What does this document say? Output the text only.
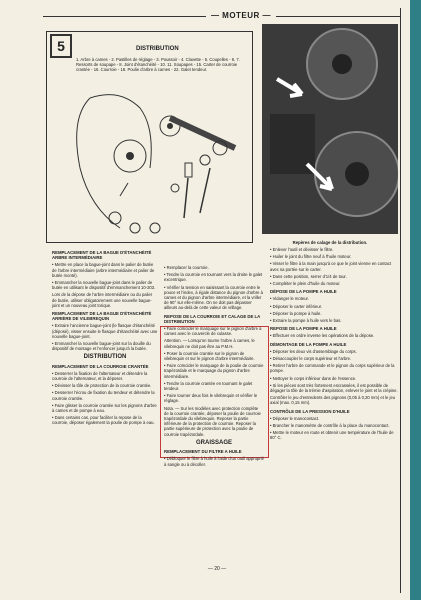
— MOTEUR —
5	DISTRIBUTION
1. Arbre à cames - 2. Pastilles de réglage - 3. Poussoir - 4. Clavette - 5. Coupelles - 6. 7. Ressorts de soupape - 8. Joint d'étanchéité - 10. 11. Soupapes - 15. Carter de courroie crantée - 16. Courroie - 18. Poulie d'arbre à cames - 22. Galet tendeur.
Repères de calage de la distribution.
REMPLACEMENT DE LA BAGUE D'ÉTANCHÉITÉ ARBRE INTERMÉDIAIRE

• Mettre en place la bague-joint dans le palier de butée de l'arbre intermédiaire (arbre intermédiaire et palier de butée monté).

• Emmancher la nouvelle bague-joint dans le palier de butée en utilisant le dispositif d'emmanchement 10-203.

Lors de la dépose de l'arbre intermédiaire ou du palier de butée, utiliser obligatoirement une nouvelle bague-joint et un nouveau joint torique.

REMPLACEMENT DE LA BAGUE D'ÉTANCHÉITÉ ARRIÈRE DE VILEBREQUIN

• Extraire l'ancienne bague-joint (le flasque d'étanchéité (déposé), visser ensuite le flasque d'étanchéité avec une nouvelle bague-joint.

• Emmancher la nouvelle bague-joint sur la douille du dispositif de montage et l'enfoncer jusqu'à la butée.

DISTRIBUTION
REMPLACEMENT DE LA COURROIE CRANTÉE

• Desserrer la fixation de l'alternateur et détendre la courroie de l'alternateur, et la déposer.

• Dévisser la tôle de protection de la courroie crantée.

• Desserrer l'écrou de fixation du tendeur et détendre la courroie crantée.

• Faire glisser la courroie crantée sur les pignons d'arbre à cames et de pompe à eau.

• Dans certains cas, pour faciliter la repose de la courroie, déposer également la poulie de pompe à eau.

• Remplacer la courroie.

• Tendre la courroie en tournant vers la droite le galet excentrique.

• Vérifier la tension en saisissant la courroie entre le pouce et l'index, à égale distance du pignon d'arbre à cames et du pignon d'arbre intermédiaire, et la vriller de 90° sur elle-même. On ne doit pas dépasser ailleurs au-delà de cette valeur de vrillage.

REPOSE DE LA COURROIE ET CALAGE DE LA DISTRIBUTION

• Faire coïncider le marquage sur le pignon d'arbre à cames avec le couvercle de culasse.

Attention. — Lorsqu'on tourne l'arbre à cames, le vilebrequin ne doit pas être au P.M.H.

• Poser la courroie crantée sur le pignon de vilebrequin et sur le pignon d'arbre intermédiaire.

• Faire coïncider le marquage de la poulie de courroie trapézoïdale et le marquage du pignon d'arbre intermédiaire.

• Tendre la courroie crantée en tournant le galet tendeur.

• Faire tourner deux fois le vilebrequin et vérifier le réglage.

Nota. — Sur les modèles avec protection complète de la courroie crantée, déposer la poulie de courroie trapézoïdale du vilebrequin. Reposer la partie inférieure de la protection de courroie. Reposer la partie supérieure de protection avec la poulie de courroie trapézoïdale.

GRAISSAGE
REMPLACEMENT DU FILTRE A HUILE

• Débloquer le filtre à huile à l'aide d'un outil approprié à sangle ou à décoller.

• Enlever l'outil et dévisser le filtre.

• Huiler le joint du filtre neuf à l'huile moteur.

• Visser le filtre à la main jusqu'à ce que le joint vienne en contact avec sa portée sur le carter.

• Dans cette position, serrer d'1/4 de tour.

• Compléter le plein d'huile du moteur.

DÉPOSE DE LA POMPE A HUILE

• Vidanger le moteur.

• Déposer le carter inférieur.

• Déposer la pompe à huile.

• Extraire la pompe à huile vers le bas.

REPOSE DE LA POMPE A HUILE

• Effectuer en ordre inverse les opérations de la dépose.

DÉMONTAGE DE LA POMPE A HUILE

• Déposer les deux vis d'assemblage du corps.

• Désaccoupler le corps supérieur et l'arbre.

• Retirer l'arbre de commande et le pignon du corps supérieur de la pompe.

• Nettoyer le corps inférieur dans de l'essence.

• Si les pièces sont très fortement encrassées, il est possible de dégager la tôle de la trémie d'aspiration, enlever le joint et la crépine.

Contrôler le jeu d'entredents des pignons (0,05 à 0,20 mm) et le jeu axial (max. 0,15 mm).

CONTRÔLE DE LA PRESSION D'HUILE

• Déposer le manocontact.

• Brancher le manomètre de contrôle à la place du manocontact.

• Mettre le moteur en route et obtenir une température de l'huile de 80° C.

— 20 —
